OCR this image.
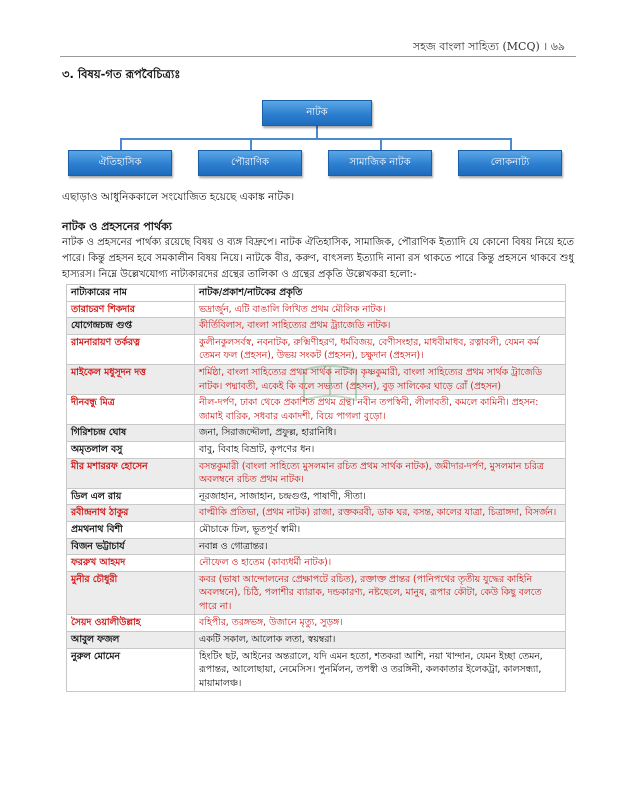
সহজ বাংলা সাহিত্য (MCQ) । ৬৯
৩. বিষয়-গত রূপবৈচিত্র্যঃ
নাটক
ঐতিহাসিক	পৌরাণিক	সামাজিক নাটক	লোকনাট্য
এছাড়াও আধুনিককালে সংযোজিত হয়েছে একাঙ্ক নাটক।
নাটক ও প্রহসনের পার্থক্য
নাটক ও প্রহসনের পার্থক্য রয়েছে বিষয় ও ব্যঙ্গ বিদ্রুপে। নাটক ঐতিহাসিক, সামাজিক, পৌরাণিক ইত্যাদি যে কোনো বিষয় নিয়ে হতে পারে। কিন্তু প্রহসন হবে সমকালীন বিষয় নিয়ে। নাটকে বীর, করুণ, বাৎসল্য ইত্যাদি নানা রস থাকতে পারে কিন্তু প্রহসনে থাকবে শুধু হাস্যরস। নিম্নে উল্লেখযোগ্য নাট্যকারদের গ্রন্থের তালিকা ও গ্রন্থের প্রকৃতি উল্লেখকরা হলো:-
নাট্যকারের নাম	নাটক/প্রকাশ/নাটকের প্রকৃতি
তারাচরণ শিকদার	ভদ্রার্জুন, এটি বাঙালি লিখিত প্রথম মৌলিক নাটক।
যোগেন্দ্রচন্দ্র গুপ্ত	কীর্তিবিলাস, বাংলা সাহিত্যের প্রথম ট্র্যাজেডি নাটক।
রামনারায়ণ তর্করত্ন	কুলীনকুলসর্বস্ব, নবনাটক, রুক্মিণীহরণ, ধর্মবিজয়, বেণীসংহার, মাধবীমাধব, রত্নাবলী, যেমন কর্ম তেমন ফল (প্রহসন), উভয় সংকট (প্রহসন), চক্ষুদান (প্রহসন)।
মাইকেল মধুসূদন দত্ত	শর্মিষ্ঠা, বাংলা সাহিত্যের প্রথম সার্থক নাটক। কৃষ্ণকুমারী, বাংলা সাহিত্যের প্রথম সার্থক ট্রাজেডি নাটক। পদ্মাবতী, একেই কি বলে সভ্যতা (প্রহসন), বুড় সালিকের ঘাড়ে রোঁ (প্রহসন)
দীনবন্ধু মিত্র	নীল-দর্পণ, ঢাকা থেকে প্রকাশিত প্রথম গ্রন্থ। নবীন তপস্বিনী, লীলাবতী, কমলে কামিনী। প্রহসন: জামাই বারিক, সধবার একাদশী, বিয়ে পাগলা বুড়ো।
গিরিশচন্দ্র ঘোষ	জনা, সিরাজদ্দৌলা, প্রফুল্ল, হারানিধি।
অমৃতলাল বসু	বাবু, বিবাহ বিভ্রাট, কৃপণের ধন।
মীর মশাররফ হোসেন	বসন্তকুমারী (বাংলা সাহিত্যে মুসলমান রচিত প্রথম সার্থক নাটক), জমীদার-দর্পণ, মুসলমান চরিত্র অবলম্বনে রচিত প্রথম নাটক।
ডিল এল রায়	নূরজাহান, সাজাহান, চন্দ্রগুপ্ত, পাষাণী, সীতা।
রবীন্দ্রনাথ ঠাকুর	বাল্মীকি প্রতিভা, (প্রথম নাটক) রাজা, রক্তকরবী, ডাক ঘর, বসন্ত, কালের যাত্রা, চিত্রাঙ্গদা, বিসর্জন।
প্রমথনাথ বিশী	মৌচাকে ঢিল, ভূতপূর্ব স্বামী।
বিজন ভট্টাচার্য	নবান্ন ও গোত্রান্তর।
ফররুখ আহমদ	নৌফেল ও হাতেম (কাব্যধর্মী নাটক)।
মুনীর চৌধুরী	কবর (ভাষা আন্দোলনের প্রেক্ষাপটে রচিত), রক্তাক্ত প্রান্তর (পানিপথের তৃতীয় যুদ্ধের কাহিনি অবলম্বনে), চিঠি, পলাশীর ব্যারাক, দন্ডকারণ্য, নষ্টছেলে, মানুষ, রূপার কৌটা, কেউ কিছু বলতে পারে না।
সৈয়দ ওয়ালীউল্লাহ	বহিপীর, তরঙ্গভঙ্গ, উজানে মৃত্যু, সুড়ঙ্গ।
আবুল ফজল	একটি সকাল, আলোক লতা, স্বয়ম্বরা।
নুরুল মোমেন	হিংটিং ছট, আইনের অন্তরালে, যদি এমন হতো, শতকরা আশি, নয়া খান্দান, যেমন ইচ্ছা তেমন, রূপান্তর, আলোছায়া, নেমেসিস। পুনর্মিলন, তপস্বী ও তরঙ্গিনী, কলকাতার ইলেকট্রা, কালসন্ধ্যা, মায়ামালঞ্চ।
